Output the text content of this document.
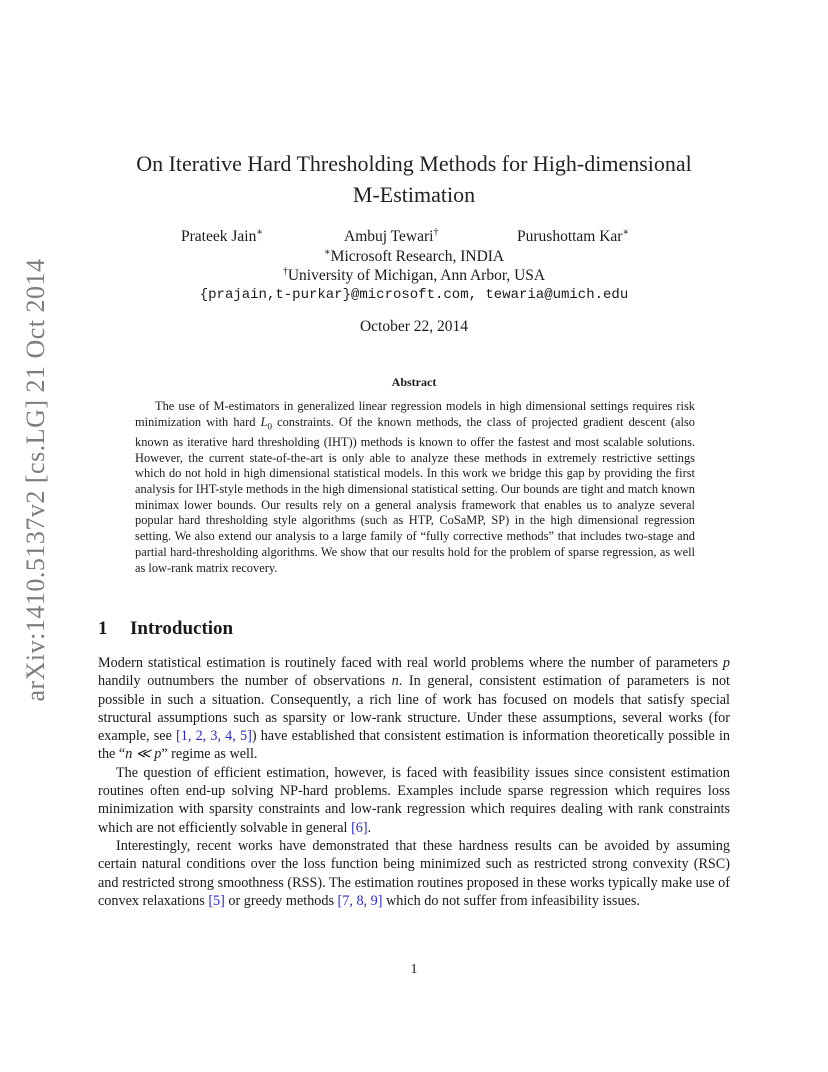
arXiv:1410.5137v2 [cs.LG] 21 Oct 2014
On Iterative Hard Thresholding Methods for High-dimensional
M-Estimation
Prateek Jain∗	Ambuj Tewari†	Purushottam Kar∗
∗Microsoft Research, INDIA
†University of Michigan, Ann Arbor, USA
{prajain,t-purkar}@microsoft.com, tewaria@umich.edu
October 22, 2014
Abstract
The use of M-estimators in generalized linear regression models in high dimensional settings requires risk minimization with hard $L_0$ constraints. Of the known methods, the class of projected gradient descent (also known as iterative hard thresholding (IHT)) methods is known to offer the fastest and most scalable solutions. However, the current state-of-the-art is only able to analyze these methods in extremely restrictive settings which do not hold in high dimensional statistical models. In this work we bridge this gap by providing the first analysis for IHT-style methods in the high dimensional statistical setting. Our bounds are tight and match known minimax lower bounds. Our results rely on a general analysis framework that enables us to analyze several popular hard thresholding style algorithms (such as HTP, CoSaMP, SP) in the high dimensional regression setting. We also extend our analysis to a large family of “fully corrective methods” that includes two-stage and partial hard-thresholding algorithms. We show that our results hold for the problem of sparse regression, as well as low-rank matrix recovery.
1 Introduction

Modern statistical estimation is routinely faced with real world problems where the number of parameters p handily outnumbers the number of observations n. In general, consistent estimation of parameters is not possible in such a situation. Consequently, a rich line of work has focused on models that satisfy special structural assumptions such as sparsity or low-rank structure. Under these assumptions, several works (for example, see [1, 2, 3, 4, 5]) have established that consistent estimation is information theoretically possible in the “n ≪ p” regime as well.

The question of efficient estimation, however, is faced with feasibility issues since consistent estimation routines often end-up solving NP-hard problems. Examples include sparse regression which requires loss minimization with sparsity constraints and low-rank regression which requires dealing with rank constraints which are not efficiently solvable in general [6].

Interestingly, recent works have demonstrated that these hardness results can be avoided by assuming certain natural conditions over the loss function being minimized such as restricted strong convexity (RSC) and restricted strong smoothness (RSS). The estimation routines proposed in these works typically make use of convex relaxations [5] or greedy methods [7, 8, 9] which do not suffer from infeasibility issues.

1
